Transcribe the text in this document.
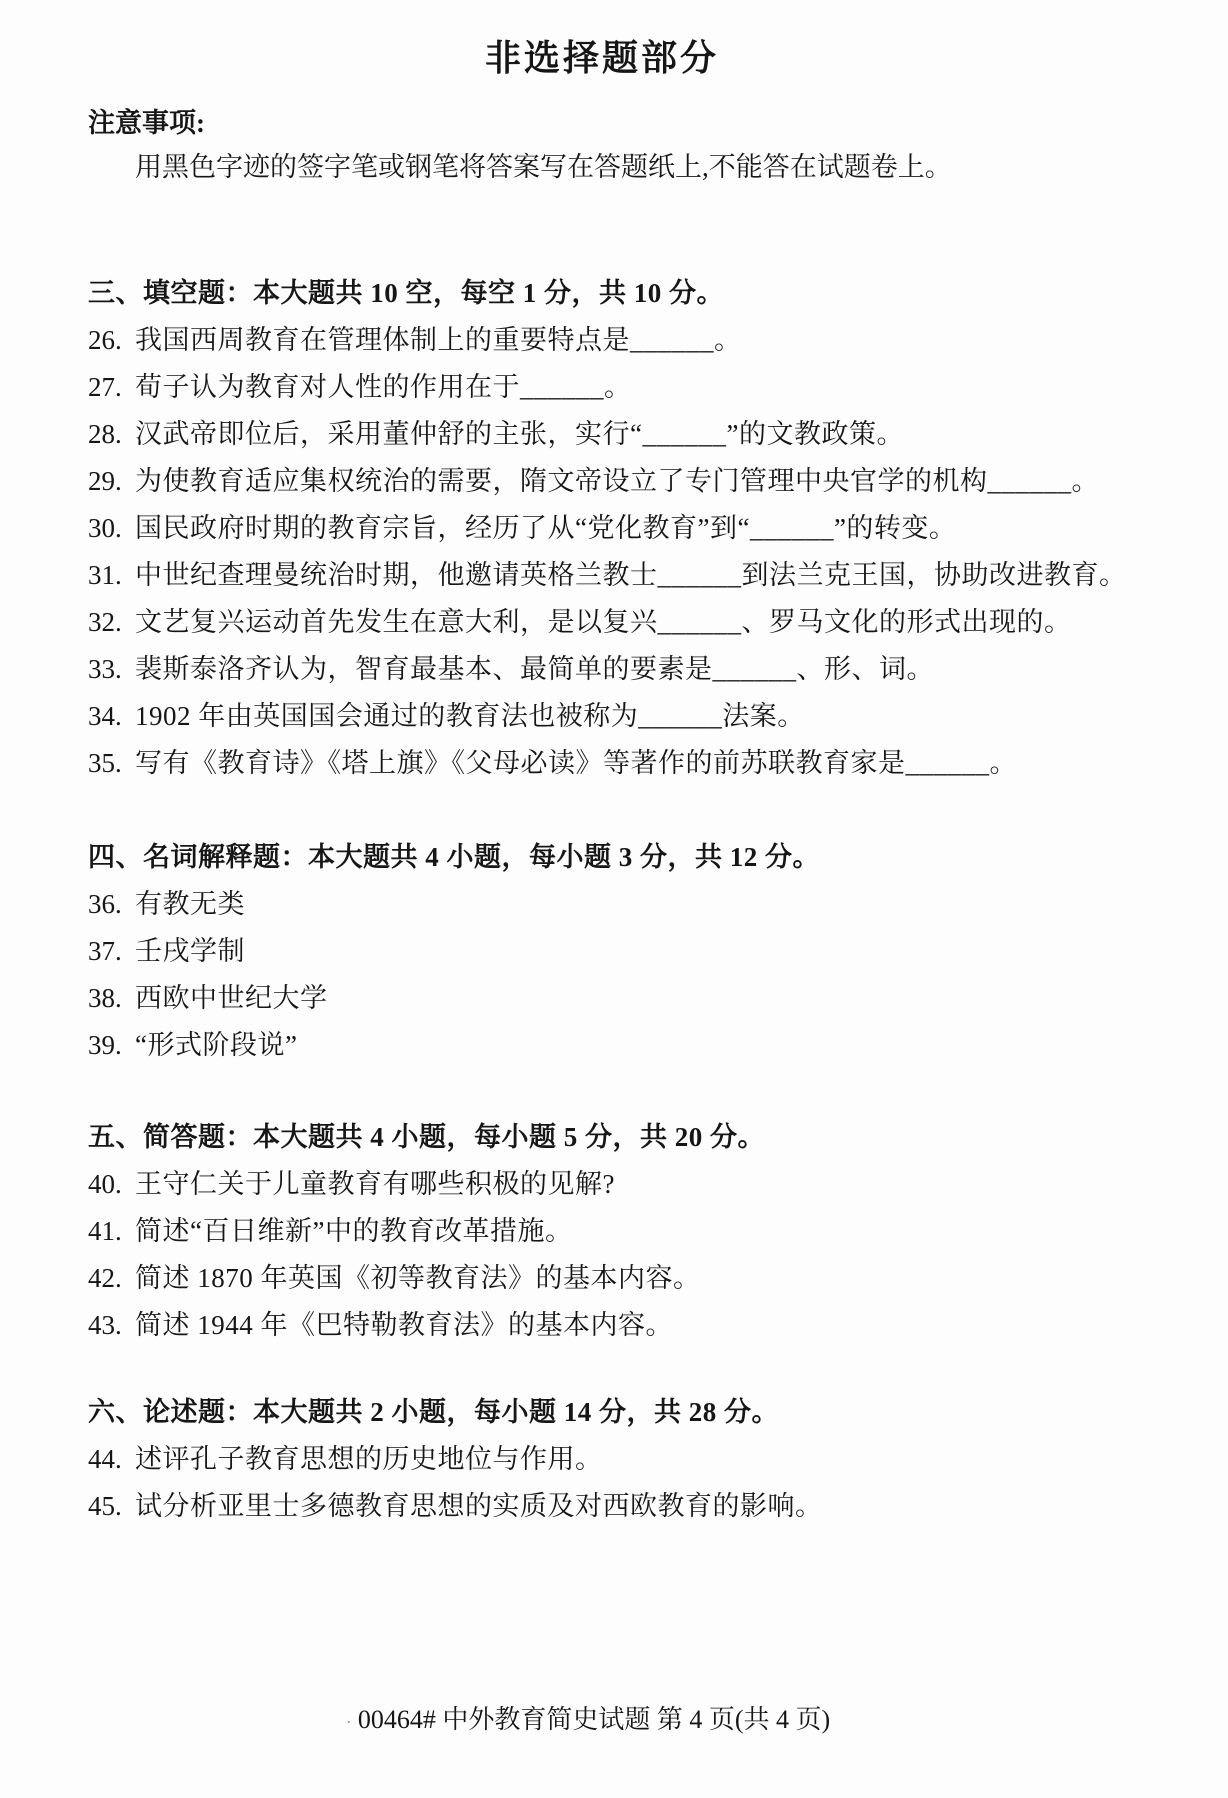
非选择题部分
注意事项:
用黑色字迹的签字笔或钢笔将答案写在答题纸上,不能答在试题卷上。
三、填空题：本大题共 10 空，每空 1 分，共 10 分。
26. 我国西周教育在管理体制上的重要特点是______。
27. 荀子认为教育对人性的作用在于______。
28. 汉武帝即位后，采用董仲舒的主张，实行“______”的文教政策。
29. 为使教育适应集权统治的需要，隋文帝设立了专门管理中央官学的机构______。
30. 国民政府时期的教育宗旨，经历了从“党化教育”到“______”的转变。
31. 中世纪查理曼统治时期，他邀请英格兰教士______到法兰克王国，协助改进教育。
32. 文艺复兴运动首先发生在意大利，是以复兴______、罗马文化的形式出现的。
33. 裴斯泰洛齐认为，智育最基本、最简单的要素是______、形、词。
34. 1902 年由英国国会通过的教育法也被称为______法案。
35. 写有《教育诗》《塔上旗》《父母必读》等著作的前苏联教育家是______。
四、名词解释题：本大题共 4 小题，每小题 3 分，共 12 分。
36. 有教无类
37. 壬戌学制
38. 西欧中世纪大学
39. “形式阶段说”
五、简答题：本大题共 4 小题，每小题 5 分，共 20 分。
40. 王守仁关于儿童教育有哪些积极的见解?
41. 简述“百日维新”中的教育改革措施。
42. 简述 1870 年英国《初等教育法》的基本内容。
43. 简述 1944 年《巴特勒教育法》的基本内容。
六、论述题：本大题共 2 小题，每小题 14 分，共 28 分。
44. 述评孔子教育思想的历史地位与作用。
45. 试分析亚里士多德教育思想的实质及对西欧教育的影响。
· 00464# 中外教育简史试题 第 4 页(共 4 页)
